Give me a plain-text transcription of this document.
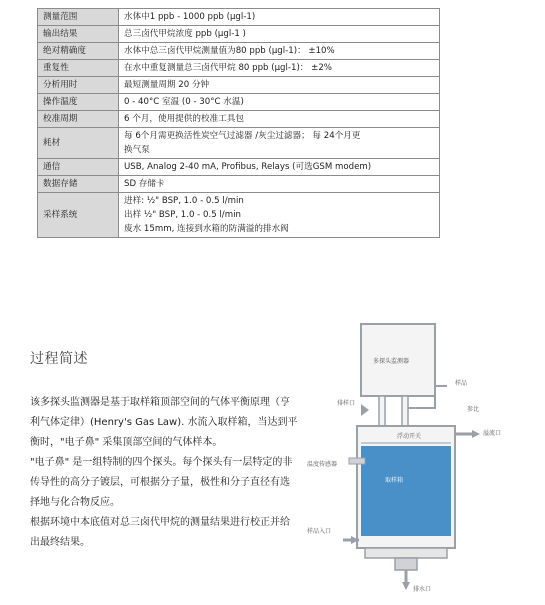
测量范围	水体中1 ppb - 1000 ppb (µgl-1)

输出结果	总三卤代甲烷浓度 ppb (µgl-1 )

绝对精确度	水体中总三卤代甲烷测量值为80 ppb (µgl-1)： ±10%

重复性	在水中重复测量总三卤代甲烷 80 ppb (µgl-1)： ±2%

分析用时	最短测量周期 20 分钟

操作温度	0 - 40°C 室温 (0 - 30°C 水温)

校准周期	6 个月，使用提供的校准工具包

耗材	每 6个月需更换活性炭空气过滤器 /灰尘过滤器； 每 24个月更
换气泵

通信	USB, Analog 2-40 mA, Profibus, Relays (可选GSM modem)

数据存储	SD 存储卡

采样系统	进样: ½" BSP, 1.0 - 0.5 l/min
出样 ½" BSP, 1.0 - 0.5 l/min
废水 15mm, 连接到水箱的防满溢的排水阀
过程简述

该多探头监测器是基于取样箱顶部空间的气体平衡原理（亨利气体定律）(Henry's Gas Law). 水流入取样箱，当达到平衡时，"电子鼻" 采集顶部空间的气体样本。

"电子鼻" 是一组特制的四个探头。每个探头有一层特定的非传导性的高分子镀层，可根据分子量，极性和分子直径有选择地与化合物反应。

根据环境中本底值对总三卤代甲烷的测量结果进行校正并给出最终结果。

多探头监测器
样品
排样口
参比
浮动开关	溢流口
温度传感器
取样箱
样品入口
排水口
